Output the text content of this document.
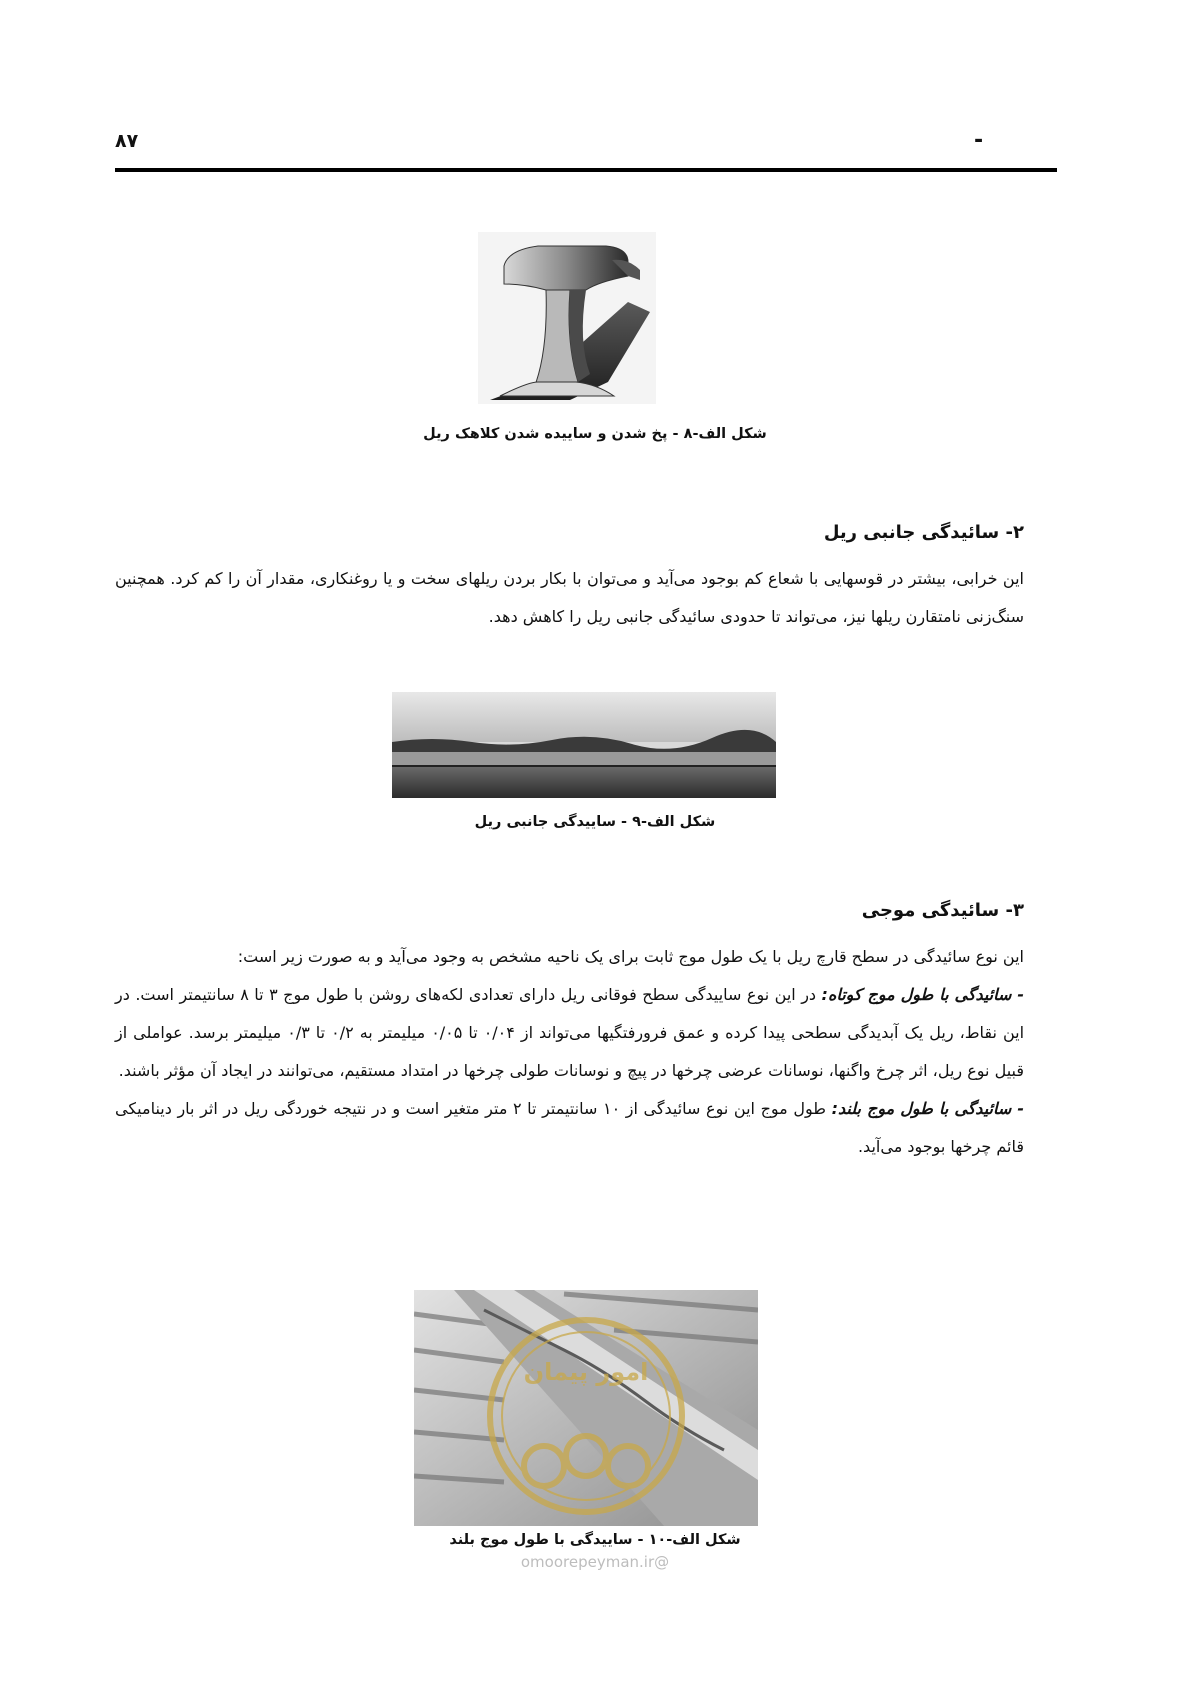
-
۸۷
شکل الف-۸ - پخ شدن و ساییده شدن کلاهک ریل
۲- سائیدگی جانبی ریل

این خرابی، بیشتر در قوسهایی با شعاع کم بوجود می‌آید و می‌توان با بکار بردن ریلهای سخت و یا روغنکاری، مقدار آن را کم کرد. همچنین سنگ‌زنی نامتقارن ریلها نیز، می‌تواند تا حدودی سائیدگی جانبی ریل را کاهش دهد.

شکل الف-۹ - ساییدگی جانبی ریل
۳- سائیدگی موجی

این نوع سائیدگی در سطح قارچ ریل با یک طول موج ثابت برای یک ناحیه مشخص به وجود می‌آید و به صورت زیر است:

- سائیدگی با طول موج کوتاه: در این نوع ساییدگی سطح فوقانی ریل دارای تعدادی لکه‌های روشن با طول موج ۳ تا ۸ سانتیمتر است. در این نقاط، ریل یک آبدیدگی سطحی پیدا کرده و عمق فرورفتگیها می‌تواند از ۰/۰۴ تا ۰/۰۵ میلیمتر به ۰/۲ تا ۰/۳ میلیمتر برسد. عواملی از قبیل نوع ریل، اثر چرخ واگنها، نوسانات عرضی چرخها در پیچ و نوسانات طولی چرخها در امتداد مستقیم، می‌توانند در ایجاد آن مؤثر باشند.

- سائیدگی با طول موج بلند: طول موج این نوع سائیدگی از ۱۰ سانتیمتر تا ۲ متر متغیر است و در نتیجه خوردگی ریل در اثر بار دینامیکی قائم چرخها بوجود می‌آید.

امور پیمان
شکل الف-۱۰ - ساییدگی با طول موج بلند
@omoorepeyman.ir
